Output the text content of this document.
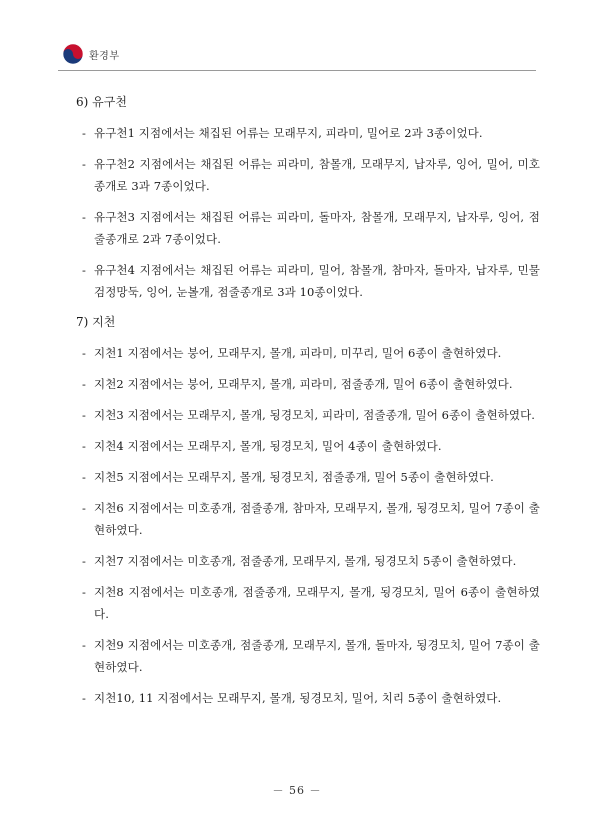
환경부

6) 유구천

- 유구천1 지점에서는 채집된 어류는 모래무지, 피라미, 밀어로 2과 3종이었다.

- 유구천2 지점에서는 채집된 어류는 피라미, 참몰개, 모래무지, 납자루, 잉어, 밀어, 미호종개로 3과 7종이었다.

- 유구천3 지점에서는 채집된 어류는 피라미, 돌마자, 참몰개, 모래무지, 납자루, 잉어, 점줄종개로 2과 7종이었다.

- 유구천4 지점에서는 채집된 어류는 피라미, 밀어, 참몰개, 참마자, 돌마자, 납자루, 민물검정망둑, 잉어, 눈볼개, 점줄종개로 3과 10종이었다.

7) 지천

- 지천1 지점에서는 붕어, 모래무지, 몰개, 피라미, 미꾸리, 밀어 6종이 출현하였다.

- 지천2 지점에서는 붕어, 모래무지, 몰개, 피라미, 점줄종개, 밀어 6종이 출현하였다.

- 지천3 지점에서는 모래무지, 몰개, 됭경모치, 피라미, 점줄종개, 밀어 6종이 출현하였다.

- 지천4 지점에서는 모래무지, 몰개, 됭경모치, 밀어 4종이 출현하였다.

- 지천5 지점에서는 모래무지, 몰개, 됭경모치, 점줄종개, 밀어 5종이 출현하였다.

- 지천6 지점에서는 미호종개, 점줄종개, 참마자, 모래무지, 몰개, 됭경모치, 밀어 7종이 출현하였다.

- 지천7 지점에서는 미호종개, 점줄종개, 모래무지, 몰개, 됭경모치 5종이 출현하였다.

- 지천8 지점에서는 미호종개, 점줄종개, 모래무지, 몰개, 됭경모치, 밀어 6종이 출현하였다.

- 지천9 지점에서는 미호종개, 점줄종개, 모래무지, 몰개, 돌마자, 됭경모치, 밀어 7종이 출현하였다.

- 지천10, 11 지점에서는 모래무지, 몰개, 됭경모치, 밀어, 치리 5종이 출현하였다.

－ 56 －
